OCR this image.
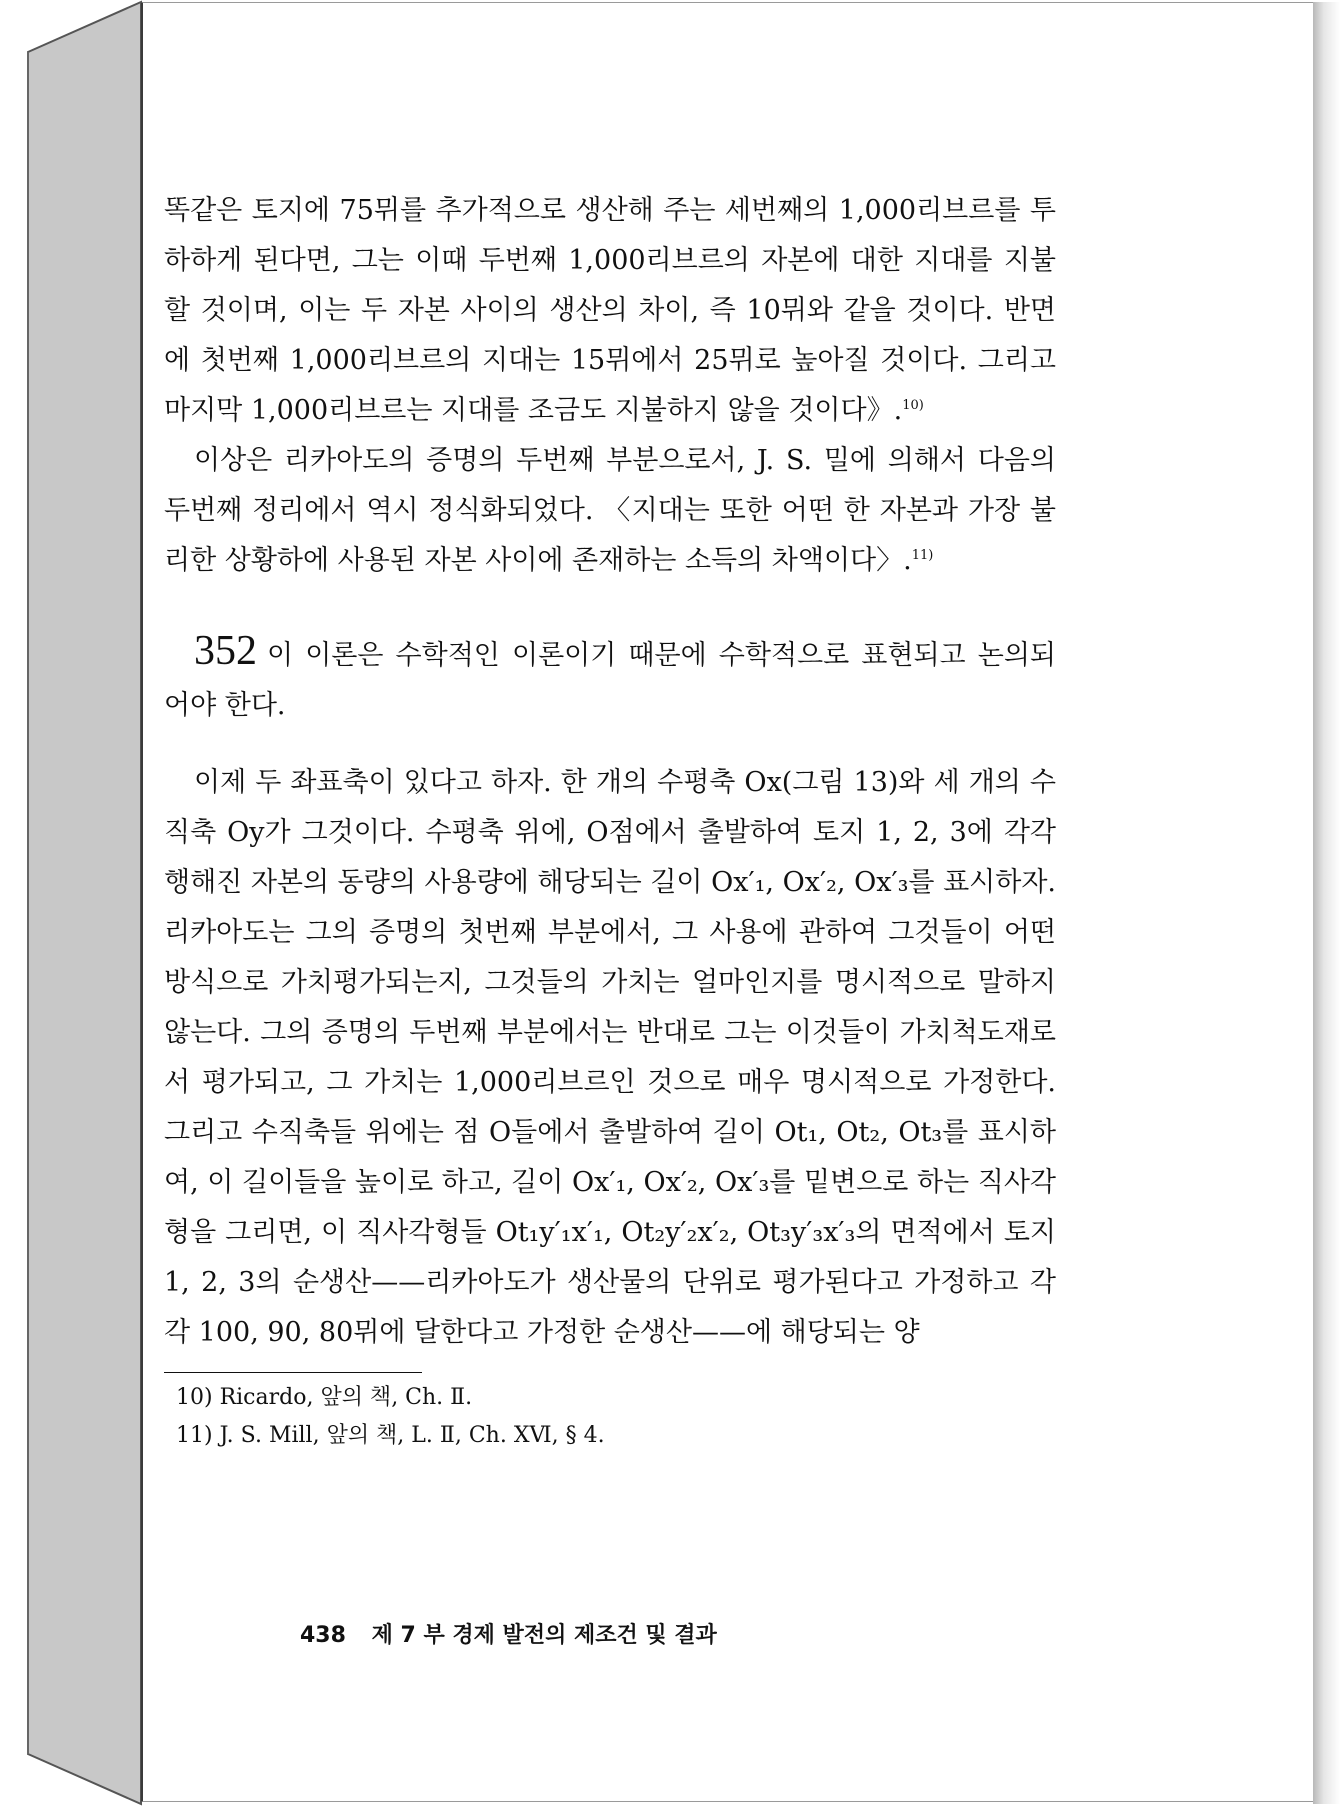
똑같은 토지에 75뮈를 추가적으로 생산해 주는 세번째의 1,000리브르를 투하하게 된다면, 그는 이때 두번째 1,000리브르의 자본에 대한 지대를 지불할 것이며, 이는 두 자본 사이의 생산의 차이, 즉 10뮈와 같을 것이다. 반면에 첫번째 1,000리브르의 지대는 15뮈에서 25뮈로 높아질 것이다. 그리고 마지막 1,000리브르는 지대를 조금도 지불하지 않을 것이다》.$^{10)}$

이상은 리카아도의 증명의 두번째 부분으로서, J. S. 밀에 의해서 다음의 두번째 정리에서 역시 정식화되었다. 〈지대는 또한 어떤 한 자본과 가장 불리한 상황하에 사용된 자본 사이에 존재하는 소득의 차액이다〉.$^{11)}$

352 이 이론은 수학적인 이론이기 때문에 수학적으로 표현되고 논의되어야 한다.

이제 두 좌표축이 있다고 하자. 한 개의 수평축 Ox(그림 13)와 세 개의 수직축 Oy가 그것이다. 수평축 위에, O점에서 출발하여 토지 1, 2, 3에 각각 행해진 자본의 동량의 사용량에 해당되는 길이 Ox′₁, Ox′₂, Ox′₃를 표시하자. 리카아도는 그의 증명의 첫번째 부분에서, 그 사용에 관하여 그것들이 어떤 방식으로 가치평가되는지, 그것들의 가치는 얼마인지를 명시적으로 말하지 않는다. 그의 증명의 두번째 부분에서는 반대로 그는 이것들이 가치척도재로서 평가되고, 그 가치는 1,000리브르인 것으로 매우 명시적으로 가정한다. 그리고 수직축들 위에는 점 O들에서 출발하여 길이 Ot₁, Ot₂, Ot₃를 표시하여, 이 길이들을 높이로 하고, 길이 Ox′₁, Ox′₂, Ox′₃를 밑변으로 하는 직사각형을 그리면, 이 직사각형들 Ot₁y′₁x′₁, Ot₂y′₂x′₂, Ot₃y′₃x′₃의 면적에서 토지 1, 2, 3의 순생산——리카아도가 생산물의 단위로 평가된다고 가정하고 각각 100, 90, 80뮈에 달한다고 가정한 순생산——에 해당되는 양

10) Ricardo, 앞의 책, Ch. Ⅱ.
11) J. S. Mill, 앞의 책, L. Ⅱ, Ch. ⅩⅥ, § 4.
438 제 7 부 경제 발전의 제조건 및 결과
